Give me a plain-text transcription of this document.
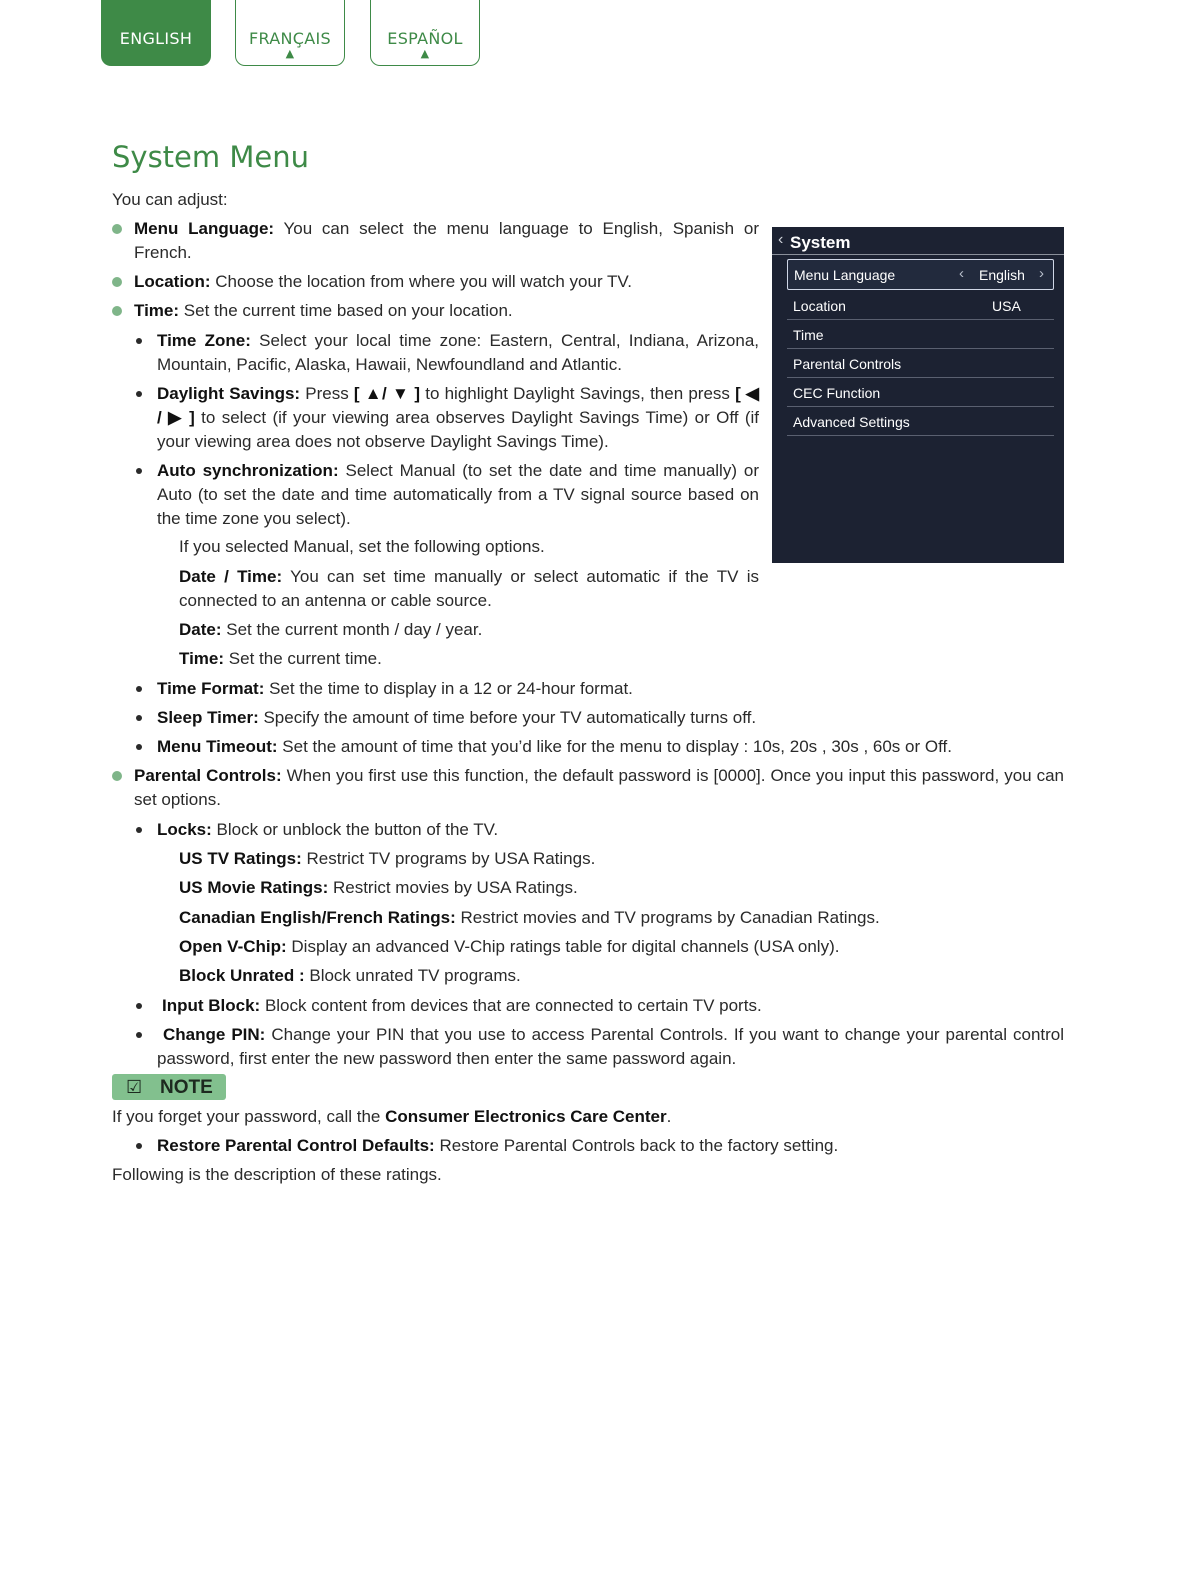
ENGLISH	FRANÇAIS
▲
ESPAÑOL
▲
System Menu
You can adjust:
Menu Language: You can select the menu language to English, Spanish or French.
Location: Choose the location from where you will watch your TV.
Time: Set the current time based on your location.
Time Zone: Select your local time zone: Eastern, Central, Indiana, Arizona, Mountain, Pacific, Alaska, Hawaii, Newfoundland and Atlantic.
Daylight Savings: Press [ ▲/ ▼ ] to highlight Daylight Savings, then press [ ◀ / ▶ ] to select (if your viewing area observes Daylight Savings Time) or Off (if your viewing area does not observe Daylight Savings Time).
Auto synchronization: Select Manual (to set the date and time manually) or Auto (to set the date and time automatically from a TV signal source based on the time zone you select).
If you selected Manual, set the following options.
Date / Time: You can set time manually or select automatic if the TV is connected to an antenna or cable source.
Date: Set the current month / day / year.
Time: Set the current time.
Time Format: Set the time to display in a 12 or 24-hour format.
Sleep Timer: Specify the amount of time before your TV automatically turns off.
Menu Timeout: Set the amount of time that you’d like for the menu to display : 10s, 20s , 30s , 60s or Off.
Parental Controls: When you first use this function, the default password is [0000]. Once you input this password, you can set options.
Locks: Block or unblock the button of the TV.
US TV Ratings: Restrict TV programs by USA Ratings.
US Movie Ratings: Restrict movies by USA Ratings.
Canadian English/French Ratings: Restrict movies and TV programs by Canadian Ratings.
Open V-Chip: Display an advanced V-Chip ratings table for digital channels (USA only).
Block Unrated : Block unrated TV programs.
Input Block: Block content from devices that are connected to certain TV ports.
Change PIN: Change your PIN that you use to access Parental Controls. If you want to change your parental control password, first enter the new password then enter the same password again.
☑ NOTE
If you forget your password, call the Consumer Electronics Care Center.
Restore Parental Control Defaults: Restore Parental Controls back to the factory setting.
Following is the description of these ratings.
‹ System
Menu Language	‹ English ›
Location	USA
Time
Parental Controls
CEC Function
Advanced Settings
